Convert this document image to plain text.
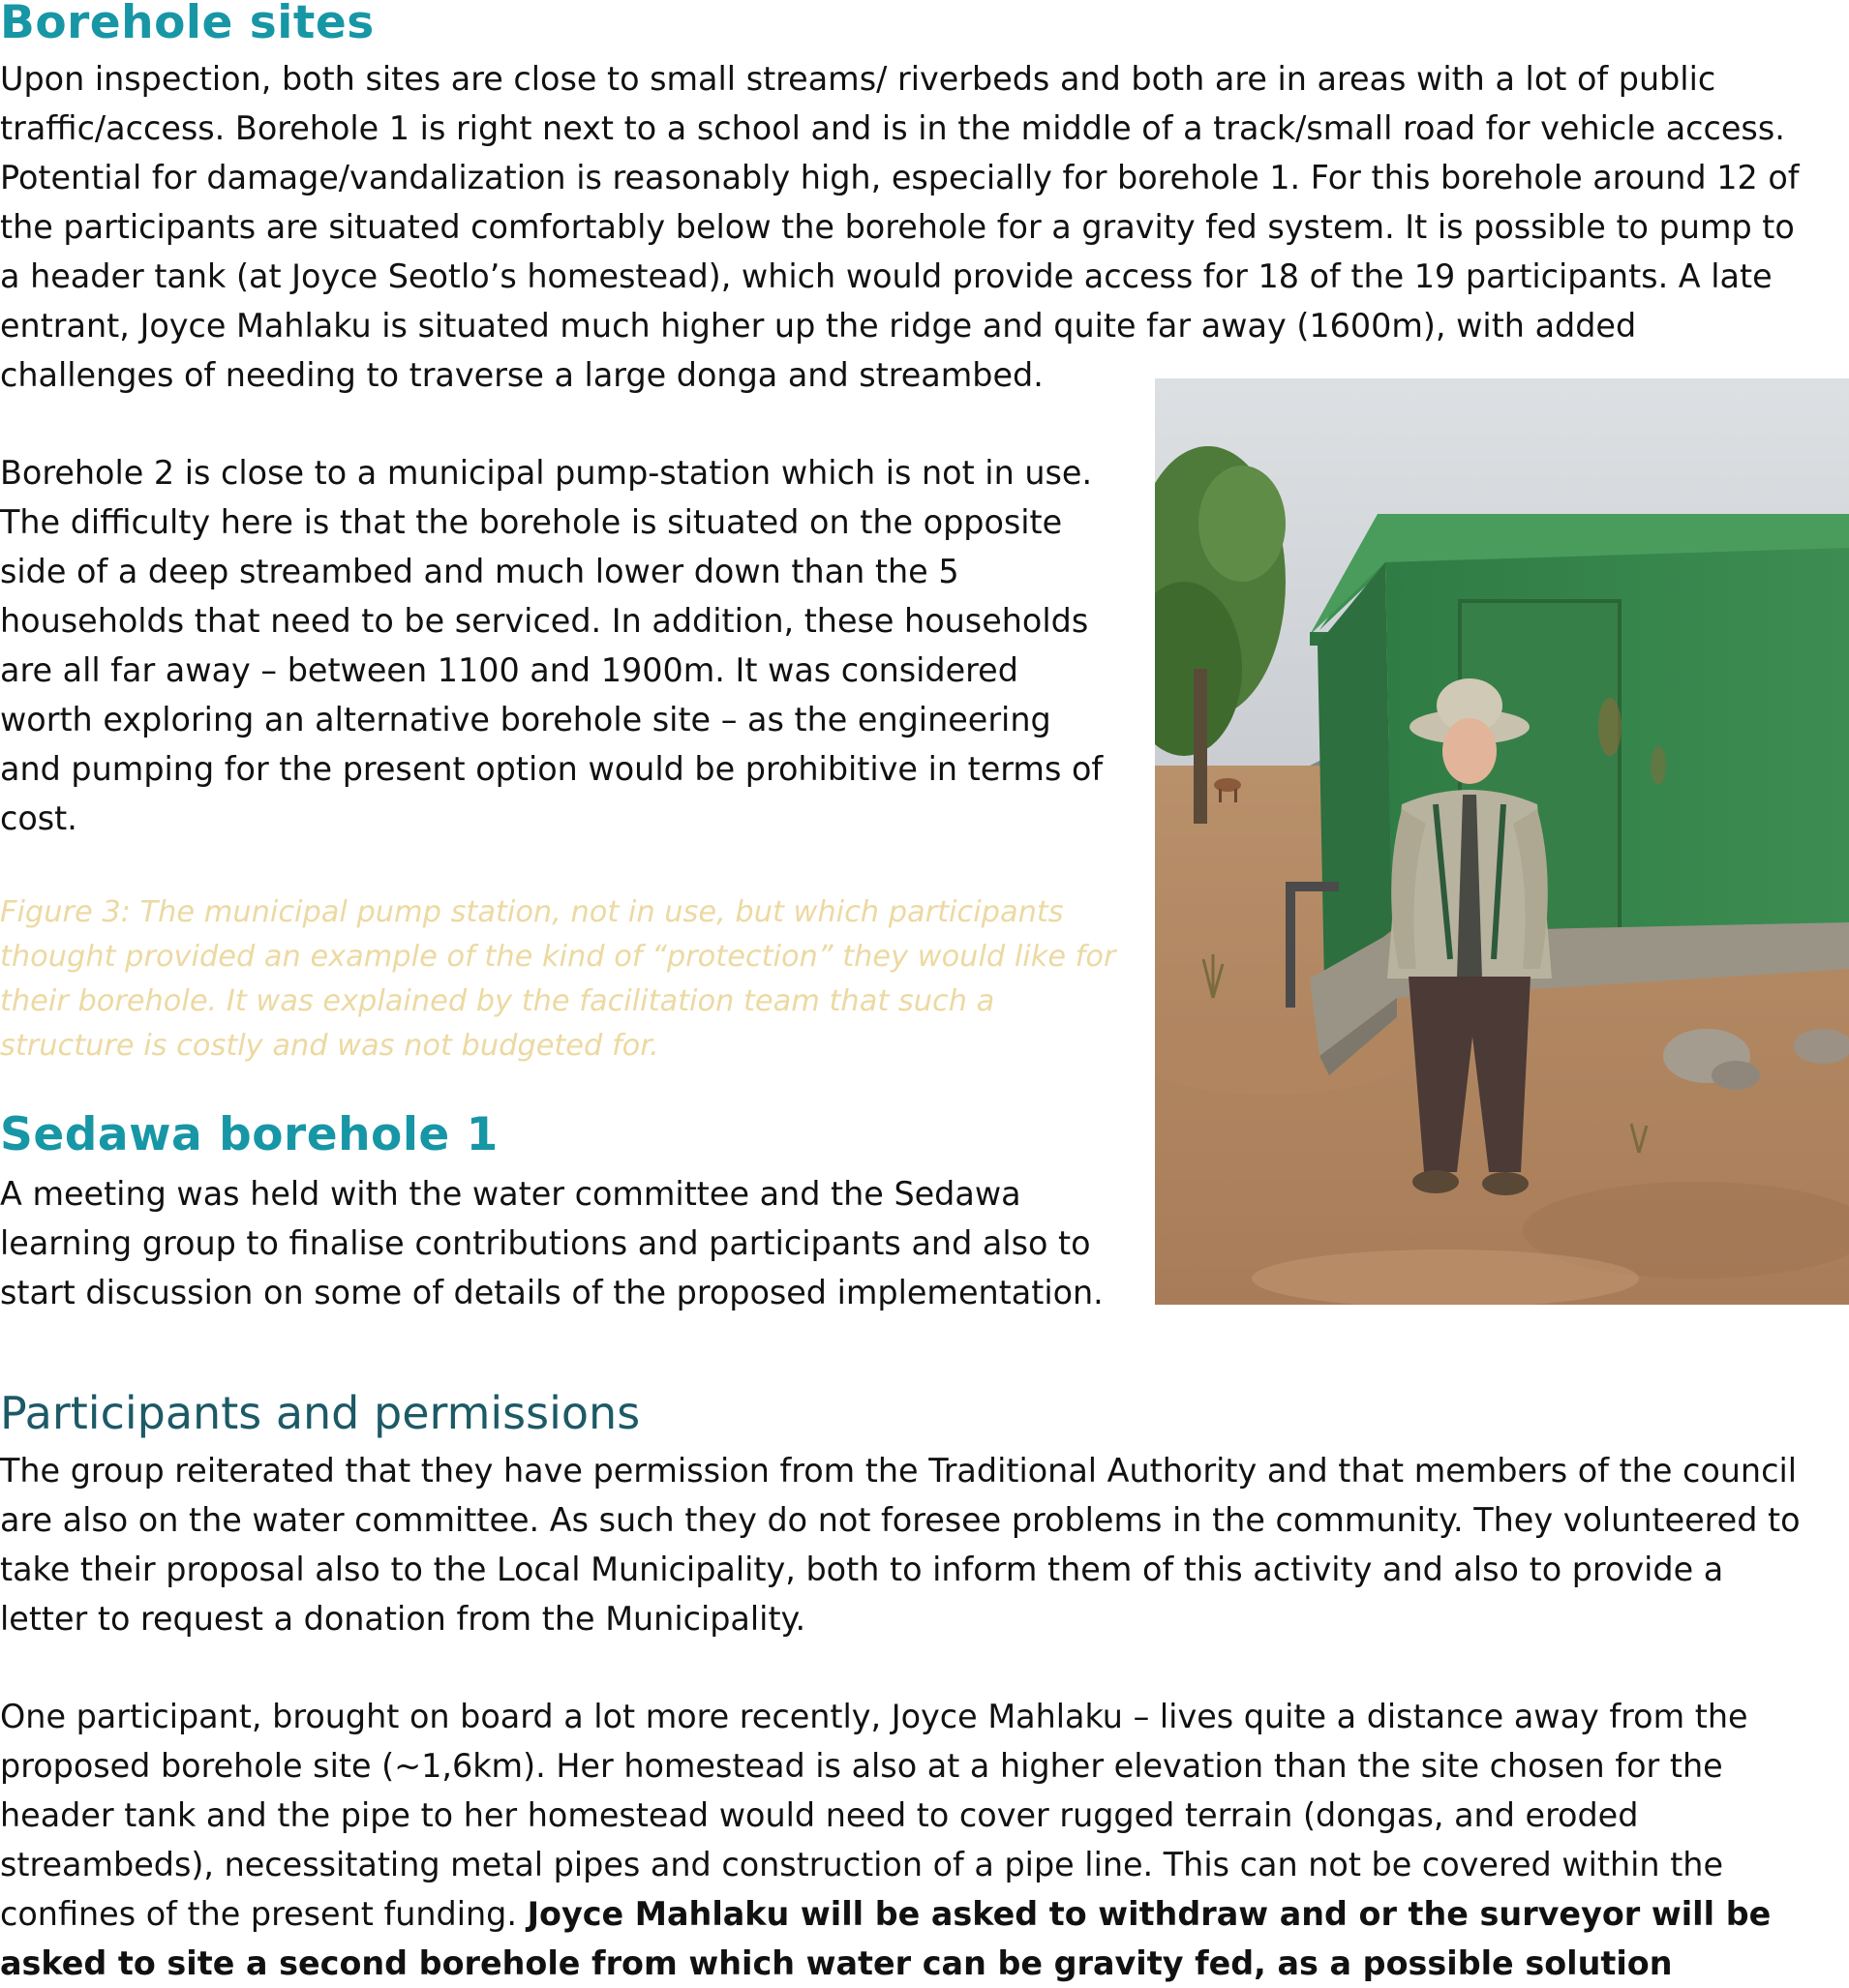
Borehole sites

Upon inspection, both sites are close to small streams/ riverbeds and both are in areas with a lot of public traffic/access. Borehole 1 is right next to a school and is in the middle of a track/small road for vehicle access. Potential for damage/vandalization is reasonably high, especially for borehole 1. For this borehole around 12 of the participants are situated comfortably below the borehole for a gravity fed system. It is possible to pump to a header tank (at Joyce Seotlo’s homestead), which would provide access for 18 of the 19 participants. A late entrant, Joyce Mahlaku is situated much higher up the ridge and quite far away (1600m), with added challenges of needing to traverse a large donga and streambed.

Borehole 2 is close to a municipal pump-station which is not in use. The difficulty here is that the borehole is situated on the opposite side of a deep streambed and much lower down than the 5 households that need to be serviced. In addition, these households are all far away – between 1100 and 1900m. It was considered worth exploring an alternative borehole site – as the engineering and pumping for the present option would be prohibitive in terms of cost.

Figure 3: The municipal pump station, not in use, but which participants thought provided an example of the kind of “protection” they would like for their borehole. It was explained by the facilitation team that such a structure is costly and was not budgeted for.

Sedawa borehole 1

A meeting was held with the water committee and the Sedawa learning group to finalise contributions and participants and also to start discussion on some of details of the proposed implementation.

Participants and permissions

The group reiterated that they have permission from the Traditional Authority and that members of the council are also on the water committee. As such they do not foresee problems in the community. They volunteered to take their proposal also to the Local Municipality, both to inform them of this activity and also to provide a letter to request a donation from the Municipality.

One participant, brought on board a lot more recently, Joyce Mahlaku – lives quite a distance away from the proposed borehole site (~1,6km). Her homestead is also at a higher elevation than the site chosen for the header tank and the pipe to her homestead would need to cover rugged terrain (dongas, and eroded streambeds), necessitating metal pipes and construction of a pipe line. This can not be covered within the confines of the present funding. Joyce Mahlaku will be asked to withdraw and or the surveyor will be asked to site a second borehole from which water can be gravity fed, as a possible solution
